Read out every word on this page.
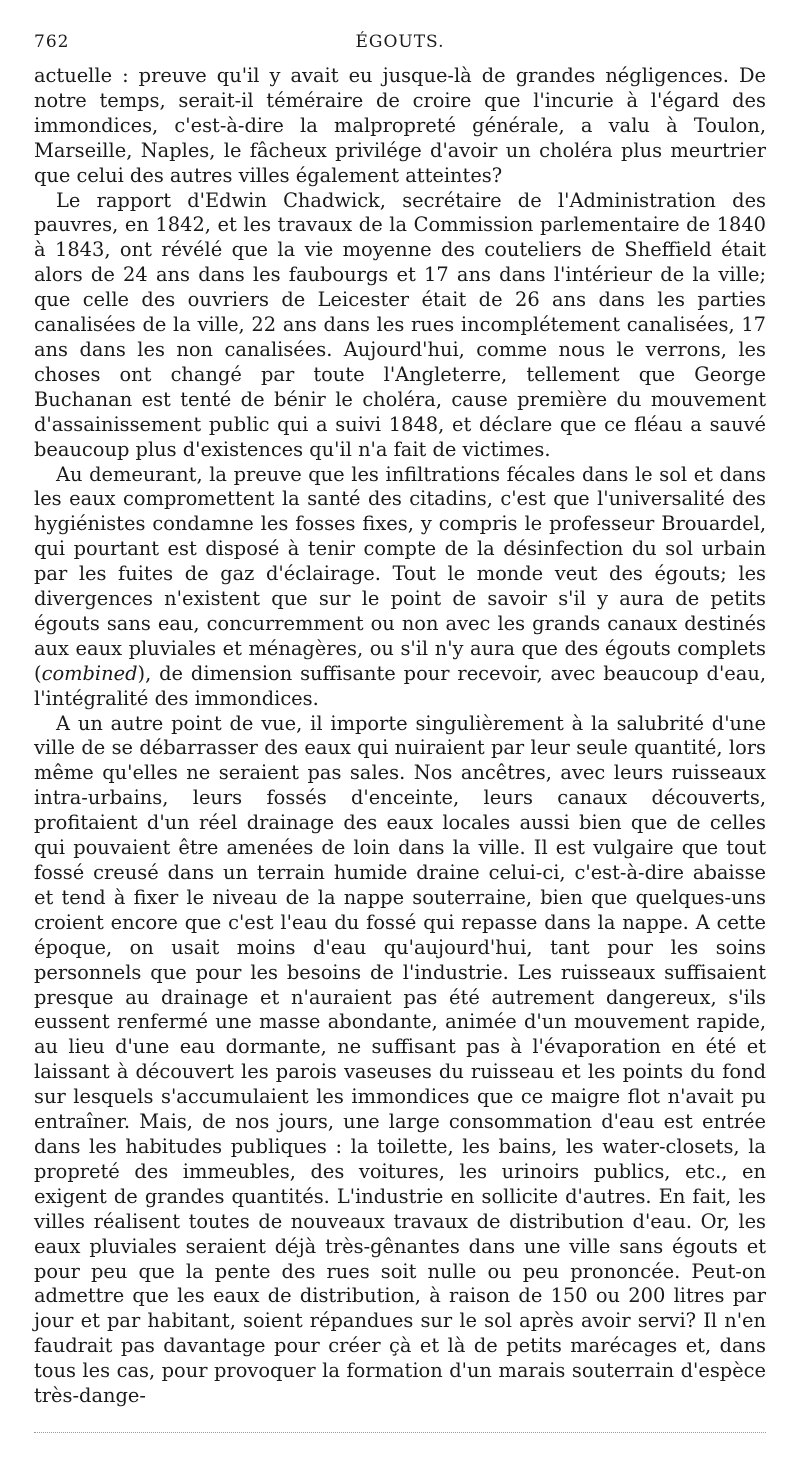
762	ÉGOUTS.

actuelle : preuve qu'il y avait eu jusque-là de grandes négligences. De notre temps, serait-il téméraire de croire que l'incurie à l'égard des immondices, c'est-à-dire la malpropreté générale, a valu à Toulon, Marseille, Naples, le fâcheux privilége d'avoir un choléra plus meurtrier que celui des autres villes également atteintes?

Le rapport d'Edwin Chadwick, secrétaire de l'Administration des pauvres, en 1842, et les travaux de la Commission parlementaire de 1840 à 1843, ont révélé que la vie moyenne des couteliers de Sheffield était alors de 24 ans dans les faubourgs et 17 ans dans l'intérieur de la ville; que celle des ouvriers de Leicester était de 26 ans dans les parties canalisées de la ville, 22 ans dans les rues incomplétement canalisées, 17 ans dans les non canalisées. Aujourd'hui, comme nous le verrons, les choses ont changé par toute l'Angleterre, tellement que George Buchanan est tenté de bénir le choléra, cause première du mouvement d'assainissement public qui a suivi 1848, et déclare que ce fléau a sauvé beaucoup plus d'existences qu'il n'a fait de victimes.

Au demeurant, la preuve que les infiltrations fécales dans le sol et dans les eaux compromettent la santé des citadins, c'est que l'universalité des hygiénistes condamne les fosses fixes, y compris le professeur Brouardel, qui pourtant est disposé à tenir compte de la désinfection du sol urbain par les fuites de gaz d'éclairage. Tout le monde veut des égouts; les divergences n'existent que sur le point de savoir s'il y aura de petits égouts sans eau, concurremment ou non avec les grands canaux destinés aux eaux pluviales et ménagères, ou s'il n'y aura que des égouts complets (combined), de dimension suffisante pour recevoir, avec beaucoup d'eau, l'intégralité des immondices.

A un autre point de vue, il importe singulièrement à la salubrité d'une ville de se débarrasser des eaux qui nuiraient par leur seule quantité, lors même qu'elles ne seraient pas sales. Nos ancêtres, avec leurs ruisseaux intra-urbains, leurs fossés d'enceinte, leurs canaux découverts, profitaient d'un réel drainage des eaux locales aussi bien que de celles qui pouvaient être amenées de loin dans la ville. Il est vulgaire que tout fossé creusé dans un terrain humide draine celui-ci, c'est-à-dire abaisse et tend à fixer le niveau de la nappe souterraine, bien que quelques-uns croient encore que c'est l'eau du fossé qui repasse dans la nappe. A cette époque, on usait moins d'eau qu'aujourd'hui, tant pour les soins personnels que pour les besoins de l'industrie. Les ruisseaux suffisaient presque au drainage et n'auraient pas été autrement dangereux, s'ils eussent renfermé une masse abondante, animée d'un mouvement rapide, au lieu d'une eau dormante, ne suffisant pas à l'évaporation en été et laissant à découvert les parois vaseuses du ruisseau et les points du fond sur lesquels s'accumulaient les immondices que ce maigre flot n'avait pu entraîner. Mais, de nos jours, une large consommation d'eau est entrée dans les habitudes publiques : la toilette, les bains, les water-closets, la propreté des immeubles, des voitures, les urinoirs publics, etc., en exigent de grandes quantités. L'industrie en sollicite d'autres. En fait, les villes réalisent toutes de nouveaux travaux de distribution d'eau. Or, les eaux pluviales seraient déjà très-gênantes dans une ville sans égouts et pour peu que la pente des rues soit nulle ou peu prononcée. Peut-on admettre que les eaux de distribution, à raison de 150 ou 200 litres par jour et par habitant, soient répandues sur le sol après avoir servi? Il n'en faudrait pas davantage pour créer çà et là de petits marécages et, dans tous les cas, pour provoquer la formation d'un marais souterrain d'espèce très-dange-
